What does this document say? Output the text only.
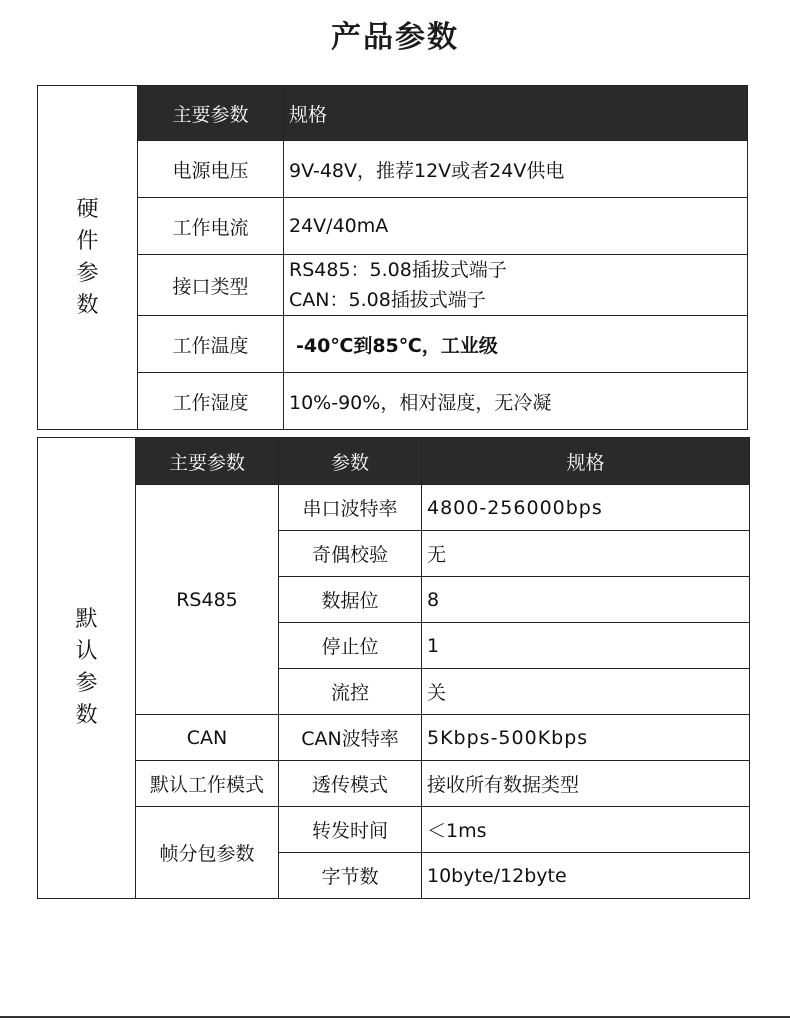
产品参数
硬
件
参
数	主要参数	规格
	电源电压	9V-48V，推荐12V或者24V供电
	工作电流	24V/40mA
	接口类型	RS485：5.08插拔式端子
CAN：5.08插拔式端子

	工作温度	-40℃到85℃，工业级
	工作湿度	10%-90%，相对湿度，无冷凝
默
认
参
数	主要参数	参数	规格
	RS485	串口波特率	4800-256000bps
		奇偶校验	无
		数据位	8
		停止位	1
		流控	关
	CAN	CAN波特率	5Kbps-500Kbps
	默认工作模式	透传模式	接收所有数据类型
	帧分包参数	转发时间	＜1ms
		字节数	10byte/12byte
